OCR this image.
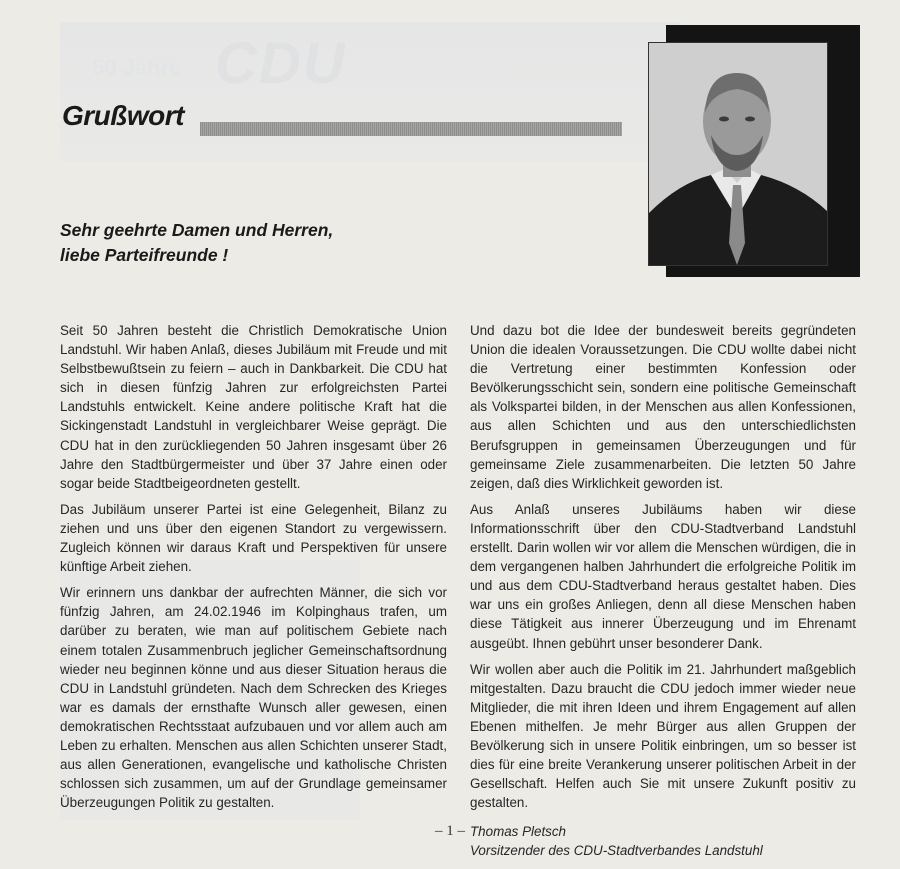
50 Jahre CDU
Grußwort
Sehr geehrte Damen und Herren,
liebe Parteifreunde !

Seit 50 Jahren besteht die Christlich Demokratische Union Landstuhl. Wir haben Anlaß, dieses Jubiläum mit Freude und mit Selbstbewußtsein zu feiern – auch in Dankbarkeit. Die CDU hat sich in diesen fünfzig Jahren zur erfolgreichsten Partei Landstuhls entwickelt. Keine andere politische Kraft hat die Sickingenstadt Landstuhl in vergleichbarer Weise geprägt. Die CDU hat in den zurückliegenden 50 Jahren insgesamt über 26 Jahre den Stadtbürgermeister und über 37 Jahre einen oder sogar beide Stadtbeigeordneten gestellt.

Das Jubiläum unserer Partei ist eine Gelegenheit, Bilanz zu ziehen und uns über den eigenen Standort zu vergewissern. Zugleich können wir daraus Kraft und Perspektiven für unsere künftige Arbeit ziehen.

Wir erinnern uns dankbar der aufrechten Männer, die sich vor fünfzig Jahren, am 24.02.1946 im Kolpinghaus trafen, um darüber zu beraten, wie man auf politischem Gebiete nach einem totalen Zusammenbruch jeglicher Gemeinschaftsordnung wieder neu beginnen könne und aus dieser Situation heraus die CDU in Landstuhl gründeten. Nach dem Schrecken des Krieges war es damals der ernsthafte Wunsch aller gewesen, einen demokratischen Rechtsstaat aufzubauen und vor allem auch am Leben zu erhalten. Menschen aus allen Schichten unserer Stadt, aus allen Generationen, evangelische und katholische Christen schlossen sich zusammen, um auf der Grundlage gemeinsamer Überzeugungen Politik zu gestalten.

Und dazu bot die Idee der bundesweit bereits gegründeten Union die idealen Voraussetzungen. Die CDU wollte dabei nicht die Vertretung einer bestimmten Konfession oder Bevölkerungsschicht sein, sondern eine politische Gemeinschaft als Volkspartei bilden, in der Menschen aus allen Konfessionen, aus allen Schichten und aus den unterschiedlichsten Berufsgruppen in gemeinsamen Überzeugungen und für gemeinsame Ziele zusammenarbeiten. Die letzten 50 Jahre zeigen, daß dies Wirklichkeit geworden ist.

Aus Anlaß unseres Jubiläums haben wir diese Informationsschrift über den CDU-Stadtverband Landstuhl erstellt. Darin wollen wir vor allem die Menschen würdigen, die in dem vergangenen halben Jahrhundert die erfolgreiche Politik im und aus dem CDU-Stadtverband heraus gestaltet haben. Dies war uns ein großes Anliegen, denn all diese Menschen haben diese Tätigkeit aus innerer Überzeugung und im Ehrenamt ausgeübt. Ihnen gebührt unser besonderer Dank.

Wir wollen aber auch die Politik im 21. Jahrhundert maßgeblich mitgestalten. Dazu braucht die CDU jedoch immer wieder neue Mitglieder, die mit ihren Ideen und ihrem Engagement auf allen Ebenen mithelfen. Je mehr Bürger aus allen Gruppen der Bevölkerung sich in unsere Politik einbringen, um so besser ist dies für eine breite Verankerung unserer politischen Arbeit in der Gesellschaft. Helfen auch Sie mit unsere Zukunft positiv zu gestalten.

Thomas Pletsch
Vorsitzender des CDU-Stadtverbandes Landstuhl
– 1 –
